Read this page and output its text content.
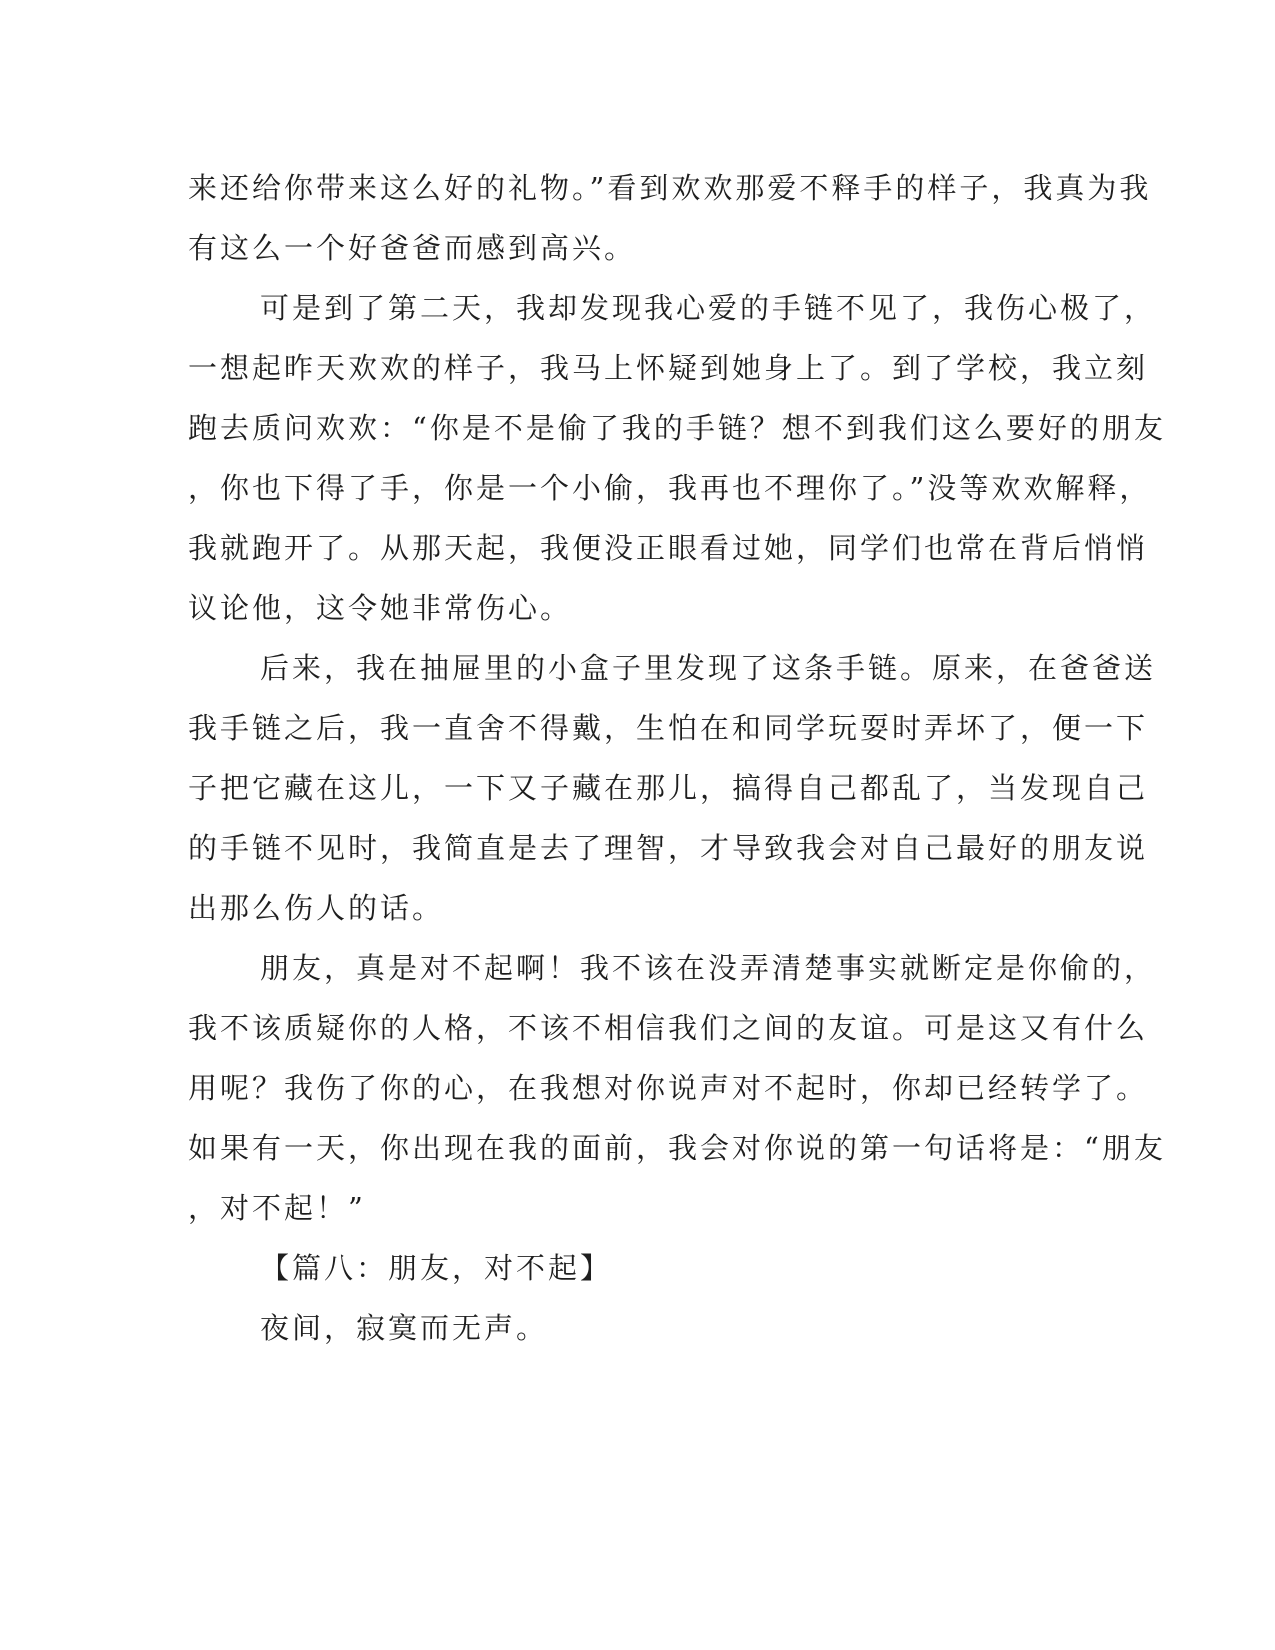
来还给你带来这么好的礼物。”看到欢欢那爱不释手的样子，我真为我
有这么一个好爸爸而感到高兴。
可是到了第二天，我却发现我心爱的手链不见了，我伤心极了，
一想起昨天欢欢的样子，我马上怀疑到她身上了。到了学校，我立刻
跑去质问欢欢：“你是不是偷了我的手链？想不到我们这么要好的朋友
，你也下得了手，你是一个小偷，我再也不理你了。”没等欢欢解释，
我就跑开了。从那天起，我便没正眼看过她，同学们也常在背后悄悄
议论他，这令她非常伤心。
后来，我在抽屉里的小盒子里发现了这条手链。原来，在爸爸送
我手链之后，我一直舍不得戴，生怕在和同学玩耍时弄坏了，便一下
子把它藏在这儿，一下又子藏在那儿，搞得自己都乱了，当发现自己
的手链不见时，我简直是去了理智，才导致我会对自己最好的朋友说
出那么伤人的话。
朋友，真是对不起啊！我不该在没弄清楚事实就断定是你偷的，
我不该质疑你的人格，不该不相信我们之间的友谊。可是这又有什么
用呢？我伤了你的心，在我想对你说声对不起时，你却已经转学了。
如果有一天，你出现在我的面前，我会对你说的第一句话将是：“朋友
，对不起！”
【篇八：朋友，对不起】
夜间，寂寞而无声。
